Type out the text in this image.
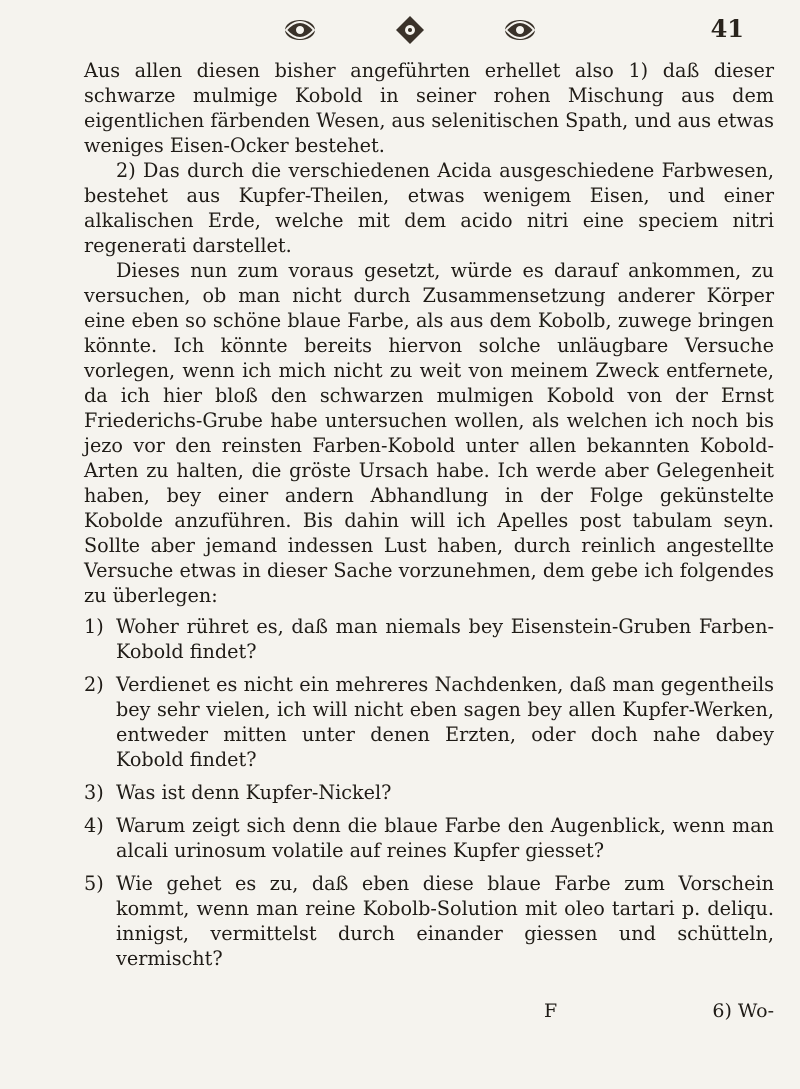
41

Aus allen diesen bisher angeführten erhellet also 1) daß dieser schwarze mulmige Kobold in seiner rohen Mischung aus dem eigentlichen färbenden Wesen, aus selenitischen Spath, und aus etwas weniges Eisen-Ocker bestehet.

2) Das durch die verschiedenen Acida ausgeschiedene Farbwesen, bestehet aus Kupfer-Theilen, etwas wenigem Eisen, und einer alkalischen Erde, welche mit dem acido nitri eine speciem nitri regenerati darstellet.

Dieses nun zum voraus gesetzt, würde es darauf ankommen, zu versuchen, ob man nicht durch Zusammensetzung anderer Körper eine eben so schöne blaue Farbe, als aus dem Kobolb, zuwege bringen könnte. Ich könnte bereits hiervon solche unläugbare Versuche vorlegen, wenn ich mich nicht zu weit von meinem Zweck entfernete, da ich hier bloß den schwarzen mulmigen Kobold von der Ernst Friederichs-Grube habe untersuchen wollen, als welchen ich noch bis jezo vor den reinsten Farben-Kobold unter allen bekannten Kobold-Arten zu halten, die gröste Ursach habe. Ich werde aber Gelegenheit haben, bey einer andern Abhandlung in der Folge gekünstelte Kobolde anzuführen. Bis dahin will ich Apelles post tabulam seyn. Sollte aber jemand indessen Lust haben, durch reinlich angestellte Versuche etwas in dieser Sache vorzunehmen, dem gebe ich folgendes zu überlegen:

1) Woher rühret es, daß man niemals bey Eisenstein-Gruben Farben-Kobold findet?
2) Verdienet es nicht ein mehreres Nachdenken, daß man gegentheils bey sehr vielen, ich will nicht eben sagen bey allen Kupfer-Werken, entweder mitten unter denen Erzten, oder doch nahe dabey Kobold findet?
3) Was ist denn Kupfer-Nickel?
4) Warum zeigt sich denn die blaue Farbe den Augenblick, wenn man alcali urinosum volatile auf reines Kupfer giesset?
5) Wie gehet es zu, daß eben diese blaue Farbe zum Vorschein kommt, wenn man reine Kobolb-Solution mit oleo tartari p. deliqu. innigst, vermittelst durch einander giessen und schütteln, vermischt?
F	6) Wo-
